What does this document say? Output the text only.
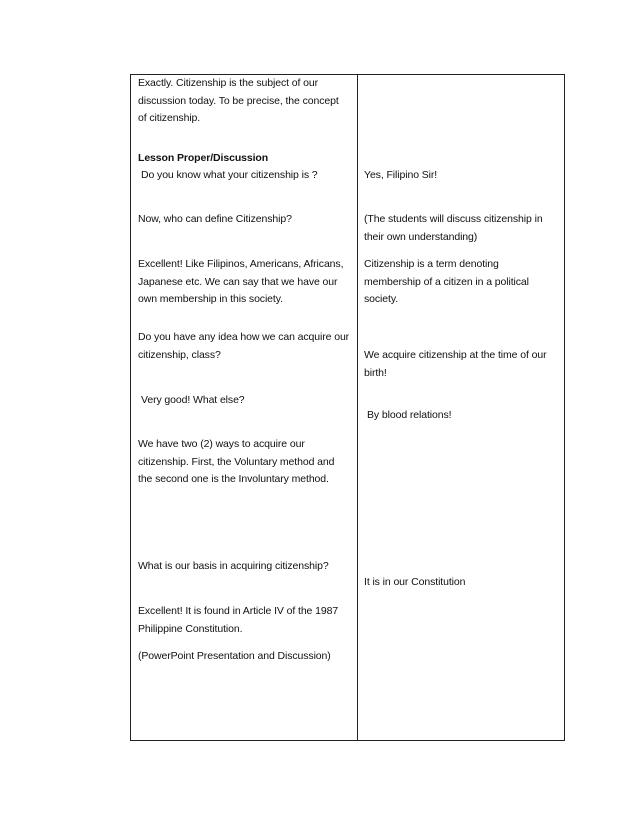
Exactly. Citizenship is the subject of our
discussion today. To be precise, the concept
of citizenship.

Lesson Proper/Discussion

Do you know what your citizenship is ?

Now, who can define Citizenship?

Excellent! Like Filipinos, Americans, Africans,
Japanese etc. We can say that we have our
own membership in this society.

Do you have any idea how we can acquire our
citizenship, class?

Very good! What else?

We have two (2) ways to acquire our
citizenship. First, the Voluntary method and
the second one is the Involuntary method.

What is our basis in acquiring citizenship?

Excellent! It is found in Article IV of the 1987
Philippine Constitution.

(PowerPoint Presentation and Discussion)

Yes, Filipino Sir!

(The students will discuss citizenship in
their own understanding)

Citizenship is a term denoting
membership of a citizen in a political
society.

We acquire citizenship at the time of our
birth!

By blood relations!

It is in our Constitution
